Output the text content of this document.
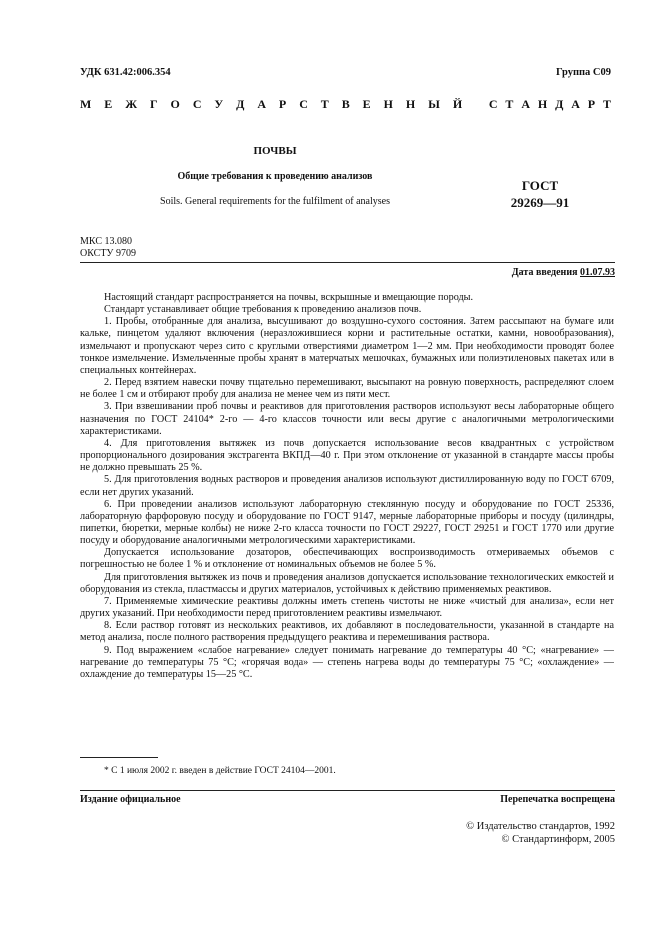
УДК 631.42:006.354	Группа С09
М Е Ж Г О С У Д А Р С Т В Е Н Н Ы Й С Т А Н Д А Р Т
ПОЧВЫ
Общие требования к проведению анализов
Soils. General requirements for the fulfilment of analyses
ГОСТ
29269—91
МКС 13.080
ОКСТУ 9709
Дата введения 01.07.93

Настоящий стандарт распространяется на почвы, вскрышные и вмещающие породы.

Стандарт устанавливает общие требования к проведению анализов почв.

1. Пробы, отобранные для анализа, высушивают до воздушно-сухого состояния. Затем рассыпают на бумаге или кальке, пинцетом удаляют включения (неразложившиеся корни и растительные остатки, камни, новообразования), измельчают и пропускают через сито с круглыми отверстиями диаметром 1—2 мм. При необходимости проводят более тонкое измельчение. Измельченные пробы хранят в матерчатых мешочках, бумажных или полиэтиленовых пакетах или в специальных контейнерах.

2. Перед взятием навески почву тщательно перемешивают, высыпают на ровную поверхность, распределяют слоем не более 1 см и отбирают пробу для анализа не менее чем из пяти мест.

3. При взвешивании проб почвы и реактивов для приготовления растворов используют весы лабораторные общего назначения по ГОСТ 24104* 2-го — 4-го классов точности или весы другие с аналогичными метрологическими характеристиками.

4. Для приготовления вытяжек из почв допускается использование весов квадрантных с устройством пропорционального дозирования экстрагента ВКПД—40 г. При этом отклонение от указанной в стандарте массы пробы не должно превышать 25 %.

5. Для приготовления водных растворов и проведения анализов используют дистиллированную воду по ГОСТ 6709, если нет других указаний.

6. При проведении анализов используют лабораторную стеклянную посуду и оборудование по ГОСТ 25336, лабораторную фарфоровую посуду и оборудование по ГОСТ 9147, мерные лабораторные приборы и посуду (цилиндры, пипетки, бюретки, мерные колбы) не ниже 2-го класса точности по ГОСТ 29227, ГОСТ 29251 и ГОСТ 1770 или другие посуду и оборудование аналогичными метрологическими характеристиками.

Допускается использование дозаторов, обеспечивающих воспроизводимость отмериваемых объемов с погрешностью не более 1 % и отклонение от номинальных объемов не более 5 %.

Для приготовления вытяжек из почв и проведения анализов допускается использование технологических емкостей и оборудования из стекла, пластмассы и других материалов, устойчивых к действию применяемых реактивов.

7. Применяемые химические реактивы должны иметь степень чистоты не ниже «чистый для анализа», если нет других указаний. При необходимости перед приготовлением реактивы измельчают.

8. Если раствор готовят из нескольких реактивов, их добавляют в последовательности, указанной в стандарте на метод анализа, после полного растворения предыдущего реактива и перемешивания раствора.

9. Под выражением «слабое нагревание» следует понимать нагревание до температуры 40 °С; «нагревание» — нагревание до температуры 75 °С; «горячая вода» — степень нагрева воды до температуры 75 °С; «охлаждение» — охлаждение до температуры 15—25 °С.

* С 1 июля 2002 г. введен в действие ГОСТ 24104—2001.
Издание официальное	Перепечатка воспрещена
© Издательство стандартов, 1992
© Стандартинформ, 2005
